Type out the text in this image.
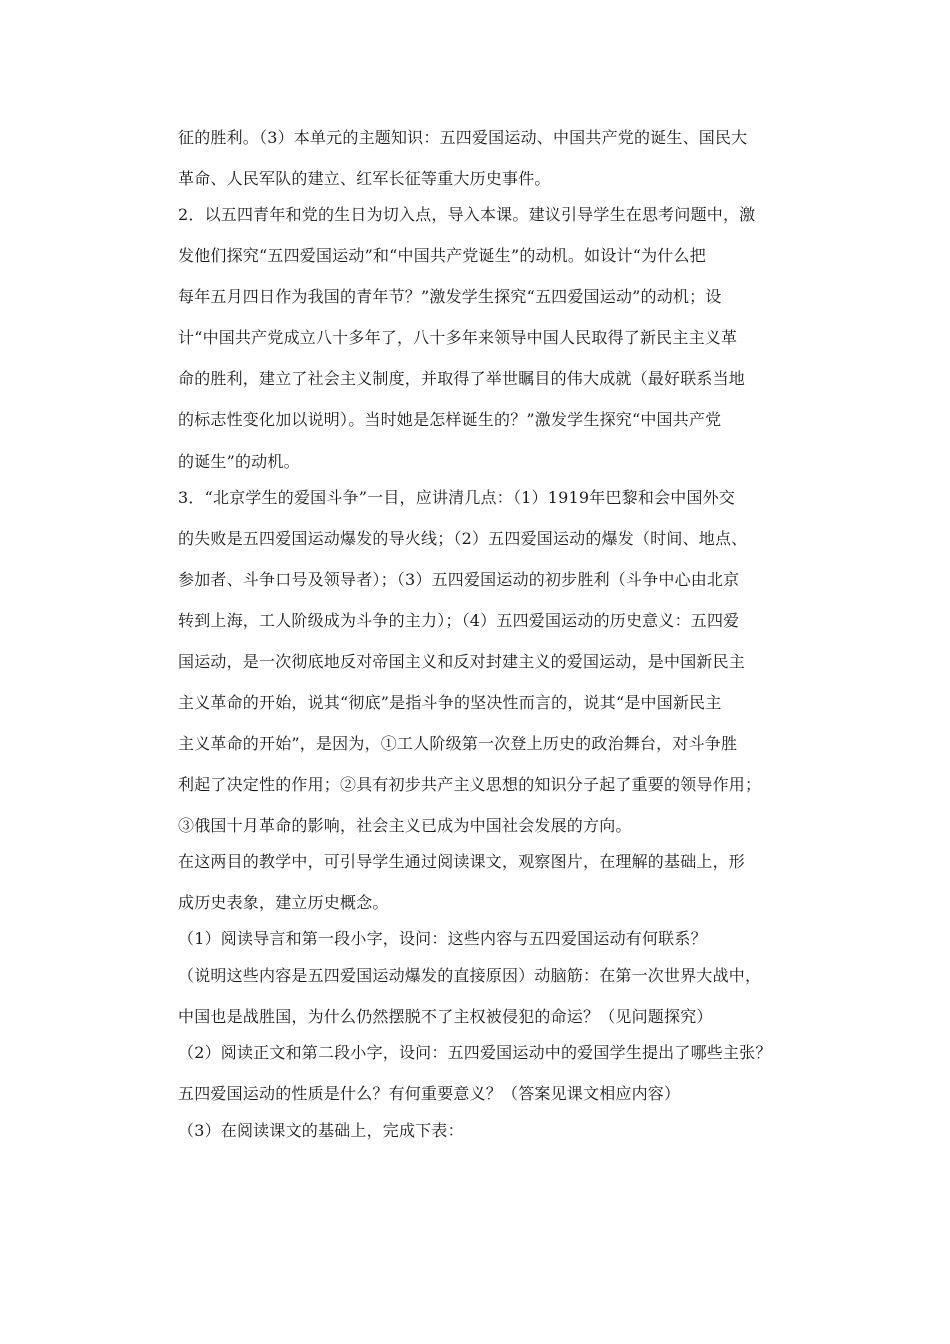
征的胜利。（3）本单元的主题知识：五四爱国运动、中国共产党的诞生、国民大
革命、人民军队的建立、红军长征等重大历史事件。
2．以五四青年和党的生日为切入点，导入本课。建议引导学生在思考问题中，激
发他们探究“五四爱国运动”和“中国共产党诞生”的动机。如设计“为什么把
每年五月四日作为我国的青年节？”激发学生探究“五四爱国运动”的动机；设
计“中国共产党成立八十多年了，八十多年来领导中国人民取得了新民主主义革
命的胜利，建立了社会主义制度，并取得了举世瞩目的伟大成就（最好联系当地
的标志性变化加以说明）。当时她是怎样诞生的？”激发学生探究“中国共产党
的诞生”的动机。
3．“北京学生的爱国斗争”一目，应讲清几点：（1）1919年巴黎和会中国外交
的失败是五四爱国运动爆发的导火线；（2）五四爱国运动的爆发（时间、地点、
参加者、斗争口号及领导者）；（3）五四爱国运动的初步胜利（斗争中心由北京
转到上海，工人阶级成为斗争的主力）；（4）五四爱国运动的历史意义：五四爱
国运动，是一次彻底地反对帝国主义和反对封建主义的爱国运动，是中国新民主
主义革命的开始，说其“彻底”是指斗争的坚决性而言的，说其“是中国新民主
主义革命的开始”，是因为，①工人阶级第一次登上历史的政治舞台，对斗争胜
利起了决定性的作用；②具有初步共产主义思想的知识分子起了重要的领导作用；
③俄国十月革命的影响，社会主义已成为中国社会发展的方向。
在这两目的教学中，可引导学生通过阅读课文，观察图片，在理解的基础上，形
成历史表象，建立历史概念。
（1）阅读导言和第一段小字，设问：这些内容与五四爱国运动有何联系？
（说明这些内容是五四爱国运动爆发的直接原因）动脑筋：在第一次世界大战中，
中国也是战胜国，为什么仍然摆脱不了主权被侵犯的命运？（见问题探究）
（2）阅读正文和第二段小字，设问：五四爱国运动中的爱国学生提出了哪些主张？
五四爱国运动的性质是什么？有何重要意义？（答案见课文相应内容）
（3）在阅读课文的基础上，完成下表：
